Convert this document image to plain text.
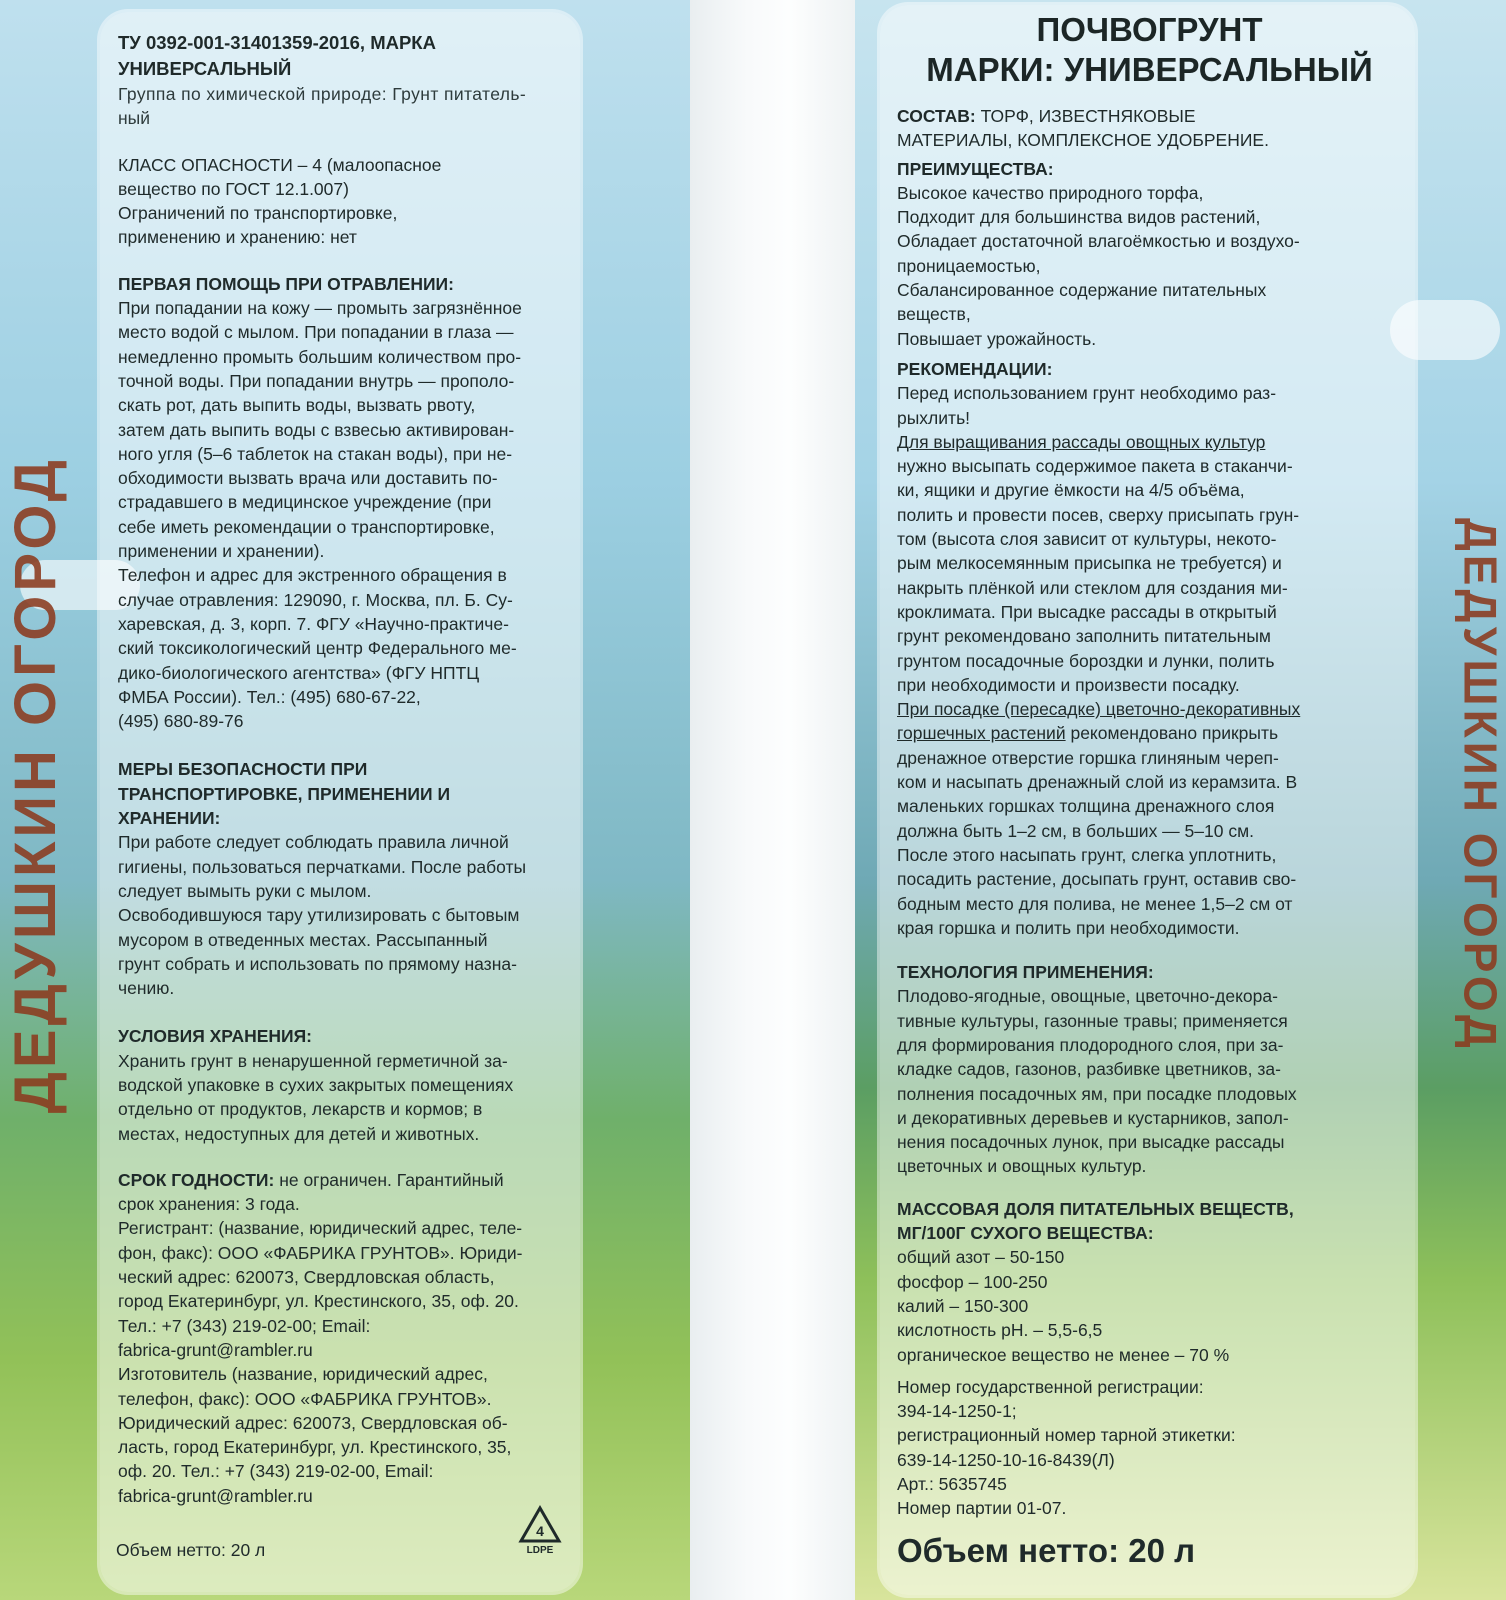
ДЕДУШКИН ОГОРОД	ДЕДУШКИН ОГОРОД

ТУ 0392-001-31401359-2016, МАРКА

УНИВЕРСАЛЬНЫЙ

Группа по химической природе: Грунт питатель-

ный

КЛАСС ОПАСНОСТИ – 4 (малоопасное

вещество по ГОСТ 12.1.007)

Ограничений по транспортировке,

применению и хранению: нет

ПЕРВАЯ ПОМОЩЬ ПРИ ОТРАВЛЕНИИ:

При попадании на кожу — промыть загрязнённое

место водой с мылом. При попадании в глаза —

немедленно промыть большим количеством про-

точной воды. При попадании внутрь — прополо-

скать рот, дать выпить воды, вызвать рвоту,

затем дать выпить воды с взвесью активирован-

ного угля (5–6 таблеток на стакан воды), при не-

обходимости вызвать врача или доставить по-

страдавшего в медицинское учреждение (при

себе иметь рекомендации о транспортировке,

применении и хранении).

Телефон и адрес для экстренного обращения в

случае отравления: 129090, г. Москва, пл. Б. Су-

харевская, д. 3, корп. 7. ФГУ «Научно-практиче-

ский токсикологический центр Федерального ме-

дико-биологического агентства» (ФГУ НПТЦ

ФМБА России). Тел.: (495) 680-67-22,

(495) 680-89-76

МЕРЫ БЕЗОПАСНОСТИ ПРИ

ТРАНСПОРТИРОВКЕ, ПРИМЕНЕНИИ И

ХРАНЕНИИ:

При работе следует соблюдать правила личной

гигиены, пользоваться перчатками. После работы

следует вымыть руки с мылом.

Освободившуюся тару утилизировать с бытовым

мусором в отведенных местах. Рассыпанный

грунт собрать и использовать по прямому назна-

чению.

УСЛОВИЯ ХРАНЕНИЯ:

Хранить грунт в ненарушенной герметичной за-

водской упаковке в сухих закрытых помещениях

отдельно от продуктов, лекарств и кормов; в

местах, недоступных для детей и животных.

СРОК ГОДНОСТИ: не ограничен. Гарантийный

срок хранения: 3 года.

Регистрант: (название, юридический адрес, теле-

фон, факс): ООО «ФАБРИКА ГРУНТОВ». Юриди-

ческий адрес: 620073, Свердловская область,

город Екатеринбург, ул. Крестинского, 35, оф. 20.

Тел.: +7 (343) 219-02-00; Email:

fabrica-grunt@rambler.ru

Изготовитель (название, юридический адрес,

телефон, факс): ООО «ФАБРИКА ГРУНТОВ».

Юридический адрес: 620073, Свердловская об-

ласть, город Екатеринбург, ул. Крестинского, 35,

оф. 20. Тел.: +7 (343) 219-02-00, Email:

fabrica-grunt@rambler.ru

Объем нетто: 20 л
4
LDPE

ПОЧВОГРУНТ

МАРКИ: УНИВЕРСАЛЬНЫЙ

СОСТАВ: ТОРФ, ИЗВЕСТНЯКОВЫЕ

МАТЕРИАЛЫ, КОМПЛЕКСНОЕ УДОБРЕНИЕ.

ПРЕИМУЩЕСТВА:

Высокое качество природного торфа,

Подходит для большинства видов растений,

Обладает достаточной влагоёмкостью и воздухо-

проницаемостью,

Сбалансированное содержание питательных

веществ,

Повышает урожайность.

РЕКОМЕНДАЦИИ:

Перед использованием грунт необходимо раз-

рыхлить!

Для выращивания рассады овощных культур

нужно высыпать содержимое пакета в стаканчи-

ки, ящики и другие ёмкости на 4/5 объёма,

полить и провести посев, сверху присыпать грун-

том (высота слоя зависит от культуры, некото-

рым мелкосемянным присыпка не требуется) и

накрыть плёнкой или стеклом для создания ми-

кроклимата. При высадке рассады в открытый

грунт рекомендовано заполнить питательным

грунтом посадочные бороздки и лунки, полить

при необходимости и произвести посадку.

При посадке (пересадке) цветочно-декоративных

горшечных растений рекомендовано прикрыть

дренажное отверстие горшка глиняным череп-

ком и насыпать дренажный слой из керамзита. В

маленьких горшках толщина дренажного слоя

должна быть 1–2 см, в больших — 5–10 см.

После этого насыпать грунт, слегка уплотнить,

посадить растение, досыпать грунт, оставив сво-

бодным место для полива, не менее 1,5–2 см от

края горшка и полить при необходимости.

ТЕХНОЛОГИЯ ПРИМЕНЕНИЯ:

Плодово-ягодные, овощные, цветочно-декора-

тивные культуры, газонные травы; применяется

для формирования плодородного слоя, при за-

кладке садов, газонов, разбивке цветников, за-

полнения посадочных ям, при посадке плодовых

и декоративных деревьев и кустарников, запол-

нения посадочных лунок, при высадке рассады

цветочных и овощных культур.

МАССОВАЯ ДОЛЯ ПИТАТЕЛЬНЫХ ВЕЩЕСТВ,

МГ/100Г СУХОГО ВЕЩЕСТВА:

общий азот – 50-150

фосфор – 100-250

калий – 150-300

кислотность pH. – 5,5-6,5

органическое вещество не менее – 70 %

Номер государственной регистрации:

394-14-1250-1;

регистрационный номер тарной этикетки:

639-14-1250-10-16-8439(Л)

Арт.: 5635745

Номер партии 01-07.

Объем нетто: 20 л
